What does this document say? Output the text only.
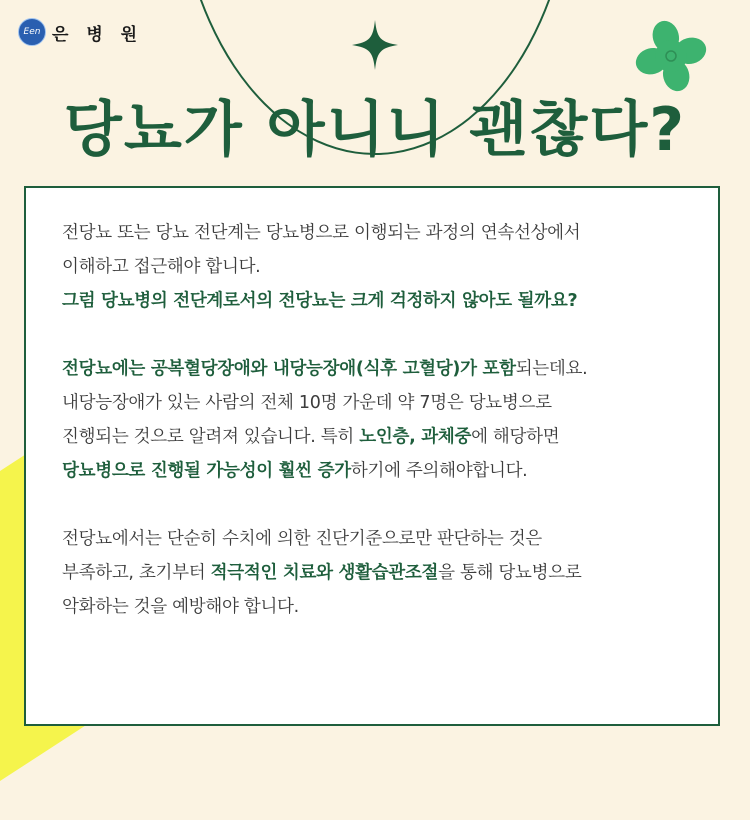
Een 은 병 원
당뇨가 아니니 괜찮다?
전당뇨 또는 당뇨 전단계는 당뇨병으로 이행되는 과정의 연속선상에서
이해하고 접근해야 합니다.
그럼 당뇨병의 전단계로서의 전당뇨는 크게 걱정하지 않아도 될까요?
전당뇨에는 공복혈당장애와 내당능장애(식후 고혈당)가 포함되는데요.
내당능장애가 있는 사람의 전체 10명 가운데 약 7명은 당뇨병으로
진행되는 것으로 알려져 있습니다. 특히 노인층, 과체중에 해당하면
당뇨병으로 진행될 가능성이 훨씬 증가하기에 주의해야합니다.
전당뇨에서는 단순히 수치에 의한 진단기준으로만 판단하는 것은
부족하고, 초기부터 적극적인 치료와 생활습관조절을 통해 당뇨병으로
악화하는 것을 예방해야 합니다.
